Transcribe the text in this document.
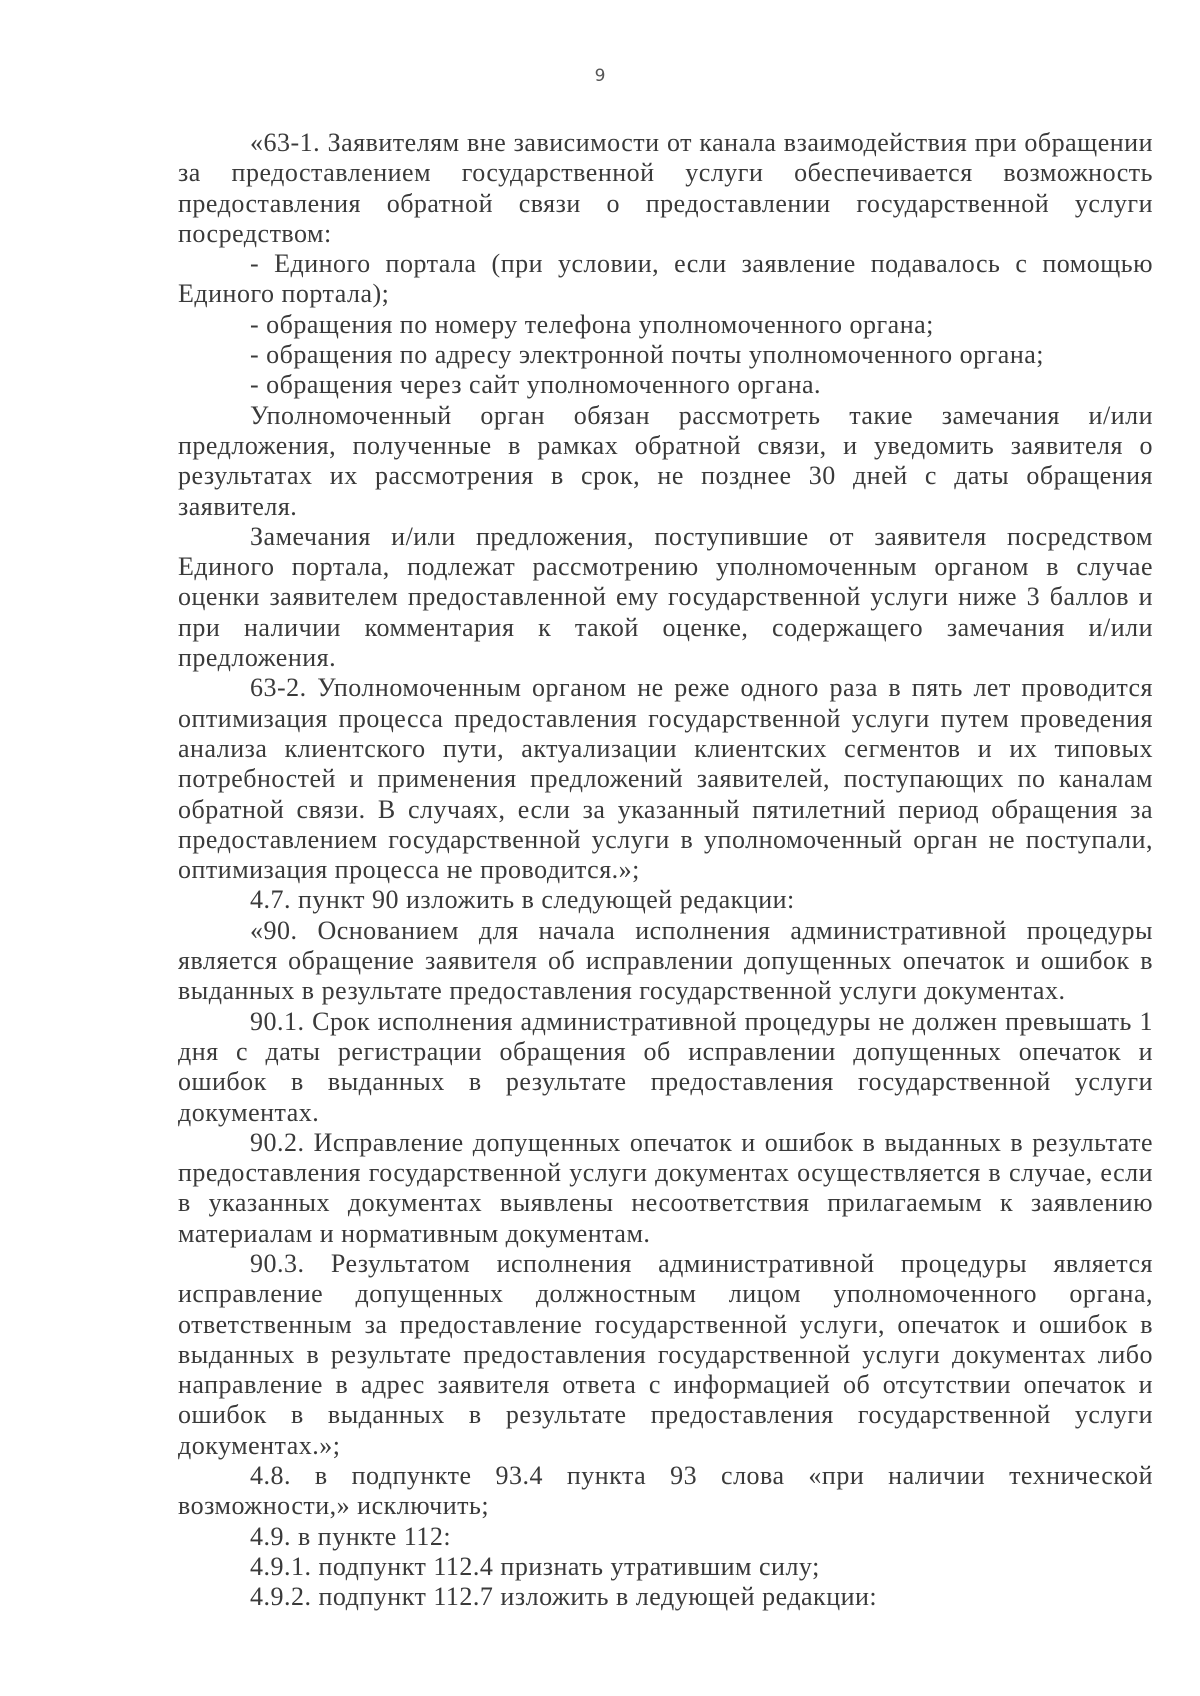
9

«63-1. Заявителям вне зависимости от канала взаимодействия при обращении за предоставлением государственной услуги обеспечивается возможность предоставления обратной связи о предоставлении государственной услуги посредством:

- Единого портала (при условии, если заявление подавалось с помощью Единого портала);

- обращения по номеру телефона уполномоченного органа;

- обращения по адресу электронной почты уполномоченного органа;

- обращения через сайт уполномоченного органа.

Уполномоченный орган обязан рассмотреть такие замечания и/или предложения, полученные в рамках обратной связи, и уведомить заявителя о результатах их рассмотрения в срок, не позднее 30 дней с даты обращения заявителя.

Замечания и/или предложения, поступившие от заявителя посредством Единого портала, подлежат рассмотрению уполномоченным органом в случае оценки заявителем предоставленной ему государственной услуги ниже 3 баллов и при наличии комментария к такой оценке, содержащего замечания и/или предложения.

63-2. Уполномоченным органом не реже одного раза в пять лет проводится оптимизация процесса предоставления государственной услуги путем проведения анализа клиентского пути, актуализации клиентских сегментов и их типовых потребностей и применения предложений заявителей, поступающих по каналам обратной связи. В случаях, если за указанный пятилетний период обращения за предоставлением государственной услуги в уполномоченный орган не поступали, оптимизация процесса не проводится.»;

4.7. пункт 90 изложить в следующей редакции:

«90. Основанием для начала исполнения административной процедуры является обращение заявителя об исправлении допущенных опечаток и ошибок в выданных в результате предоставления государственной услуги документах.

90.1. Срок исполнения административной процедуры не должен превышать 1 дня с даты регистрации обращения об исправлении допущенных опечаток и ошибок в выданных в результате предоставления государственной услуги документах.

90.2. Исправление допущенных опечаток и ошибок в выданных в результате предоставления государственной услуги документах осуществляется в случае, если в указанных документах выявлены несоответствия прилагаемым к заявлению материалам и нормативным документам.

90.3. Результатом исполнения административной процедуры является исправление допущенных должностным лицом уполномоченного органа, ответственным за предоставление государственной услуги, опечаток и ошибок в выданных в результате предоставления государственной услуги документах либо направление в адрес заявителя ответа с информацией об отсутствии опечаток и ошибок в выданных в результате предоставления государственной услуги документах.»;

4.8. в подпункте 93.4 пункта 93 слова «при наличии технической возможности,» исключить;

4.9. в пункте 112:

4.9.1. подпункт 112.4 признать утратившим силу;

4.9.2. подпункт 112.7 изложить в ледующей редакции:
